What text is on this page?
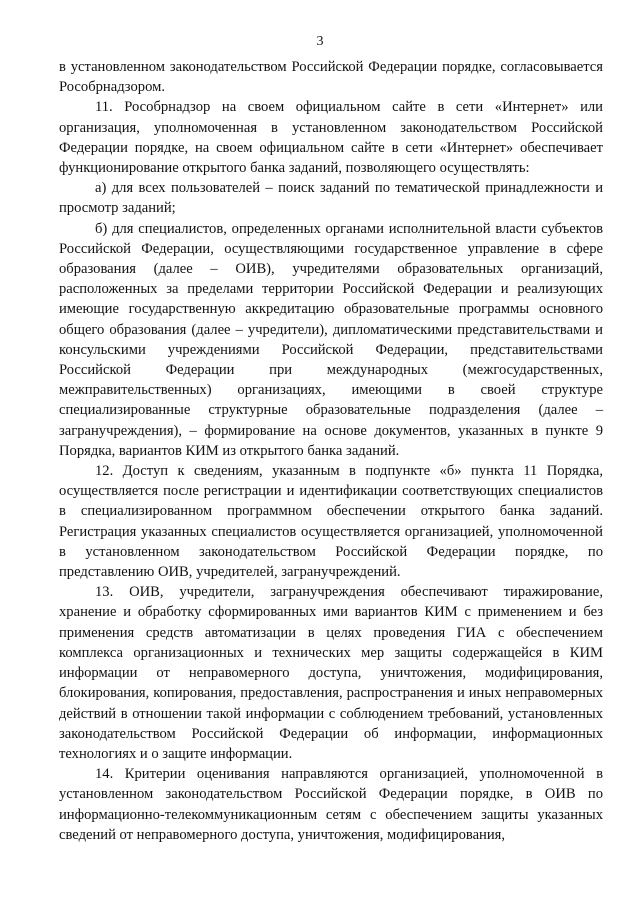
3

в установленном законодательством Российской Федерации порядке, согласовывается Рособрнадзором.

11. Рособрнадзор на своем официальном сайте в сети «Интернет» или организация, уполномоченная в установленном законодательством Российской Федерации порядке, на своем официальном сайте в сети «Интернет» обеспечивает функционирование открытого банка заданий, позволяющего осуществлять:

а) для всех пользователей – поиск заданий по тематической принадлежности и просмотр заданий;

б) для специалистов, определенных органами исполнительной власти субъектов Российской Федерации, осуществляющими государственное управление в сфере образования (далее – ОИВ), учредителями образовательных организаций, расположенных за пределами территории Российской Федерации и реализующих имеющие государственную аккредитацию образовательные программы основного общего образования (далее – учредители), дипломатическими представительствами и консульскими учреждениями Российской Федерации, представительствами Российской Федерации при международных (межгосударственных, межправительственных) организациях, имеющими в своей структуре специализированные структурные образовательные подразделения (далее – загранучреждения), – формирование на основе документов, указанных в пункте 9 Порядка, вариантов КИМ из открытого банка заданий.

12. Доступ к сведениям, указанным в подпункте «б» пункта 11 Порядка, осуществляется после регистрации и идентификации соответствующих специалистов в специализированном программном обеспечении открытого банка заданий. Регистрация указанных специалистов осуществляется организацией, уполномоченной в установленном законодательством Российской Федерации порядке, по представлению ОИВ, учредителей, загранучреждений.

13. ОИВ, учредители, загранучреждения обеспечивают тиражирование, хранение и обработку сформированных ими вариантов КИМ с применением и без применения средств автоматизации в целях проведения ГИА с обеспечением комплекса организационных и технических мер защиты содержащейся в КИМ информации от неправомерного доступа, уничтожения, модифицирования, блокирования, копирования, предоставления, распространения и иных неправомерных действий в отношении такой информации с соблюдением требований, установленных законодательством Российской Федерации об информации, информационных технологиях и о защите информации.

14. Критерии оценивания направляются организацией, уполномоченной в установленном законодательством Российской Федерации порядке, в ОИВ по информационно-телекоммуникационным сетям с обеспечением защиты указанных сведений от неправомерного доступа, уничтожения, модифицирования,
